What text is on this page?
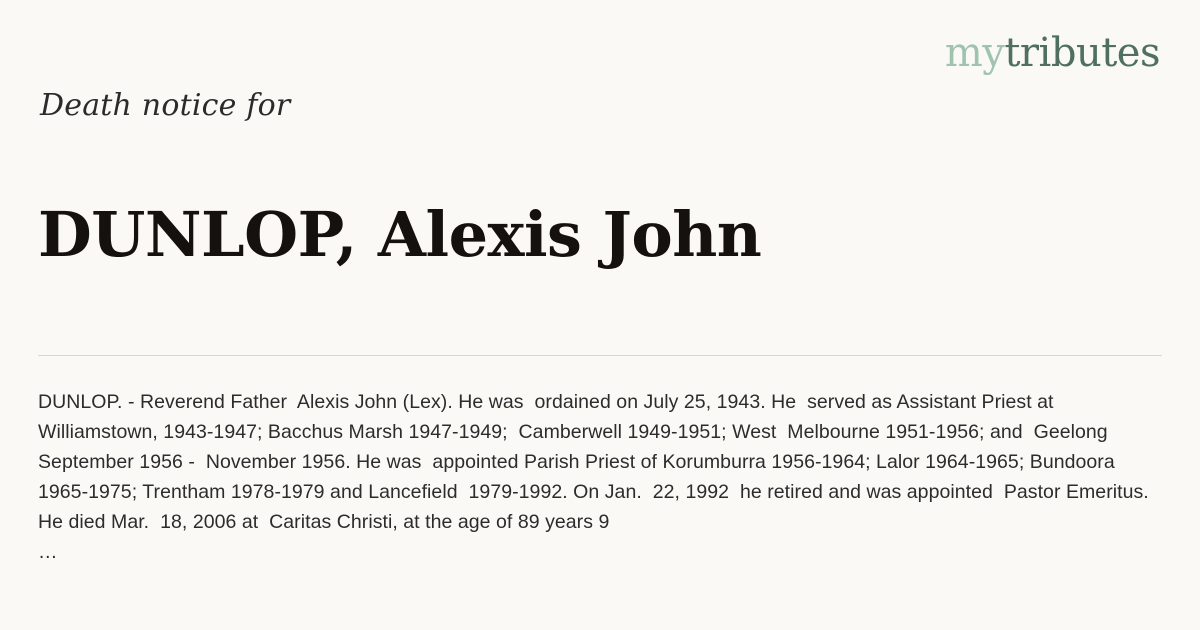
mytributes
Death notice for
DUNLOP, Alexis John
DUNLOP. - Reverend Father  Alexis John (Lex). He was  ordained on July 25, 1943. He  served as Assistant Priest at  Williamstown, 1943-1947; Bacchus Marsh 1947-1949;  Camberwell 1949-1951; West  Melbourne 1951-1956; and  Geelong September 1956 -  November 1956. He was  appointed Parish Priest of Korumburra 1956-1964; Lalor 1964-1965; Bundoora  1965-1975; Trentham 1978-1979 and Lancefield  1979-1992. On Jan.  22, 1992  he retired and was appointed  Pastor Emeritus.  He died Mar.  18, 2006 at  Caritas Christi, at the age of 89 years 9
…
